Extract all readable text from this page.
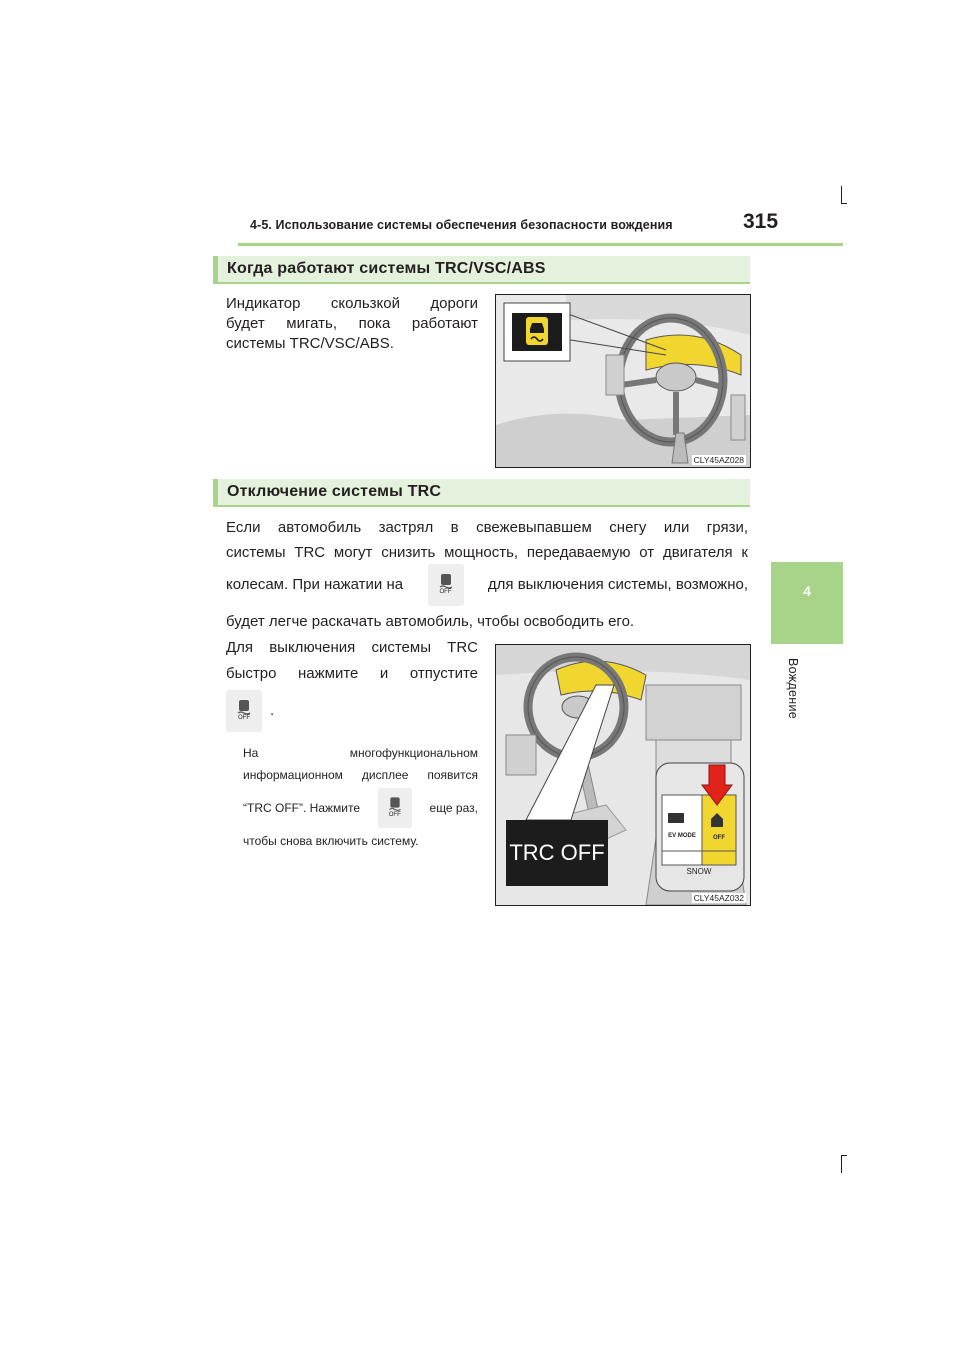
4-5. Использование системы обеспечения безопасности вождения	315
4
Вождение
Когда работают системы TRC/VSC/ABS
Индикатор скользкой дороги
будет мигать, пока работают
системы TRC/VSC/ABS.
CLY45AZ028
Отключение системы TRC
Если автомобиль застрял в свежевыпавшем снегу или грязи,
системы TRC могут снизить мощность, передаваемую от двигателя к
колесам. При нажатии на	OFF	для выключения системы, возможно,
будет легче раскачать автомобиль, чтобы освободить его.
Для выключения системы TRC
быстро нажмите и отпустите
OFF	.
На многофункциональном
информационном дисплее появится
“TRC OFF”. Нажмите	OFF	еще раз,
чтобы снова включить систему.	TRC OFF
EV MODE	OFF
SNOW
CLY45AZ032
